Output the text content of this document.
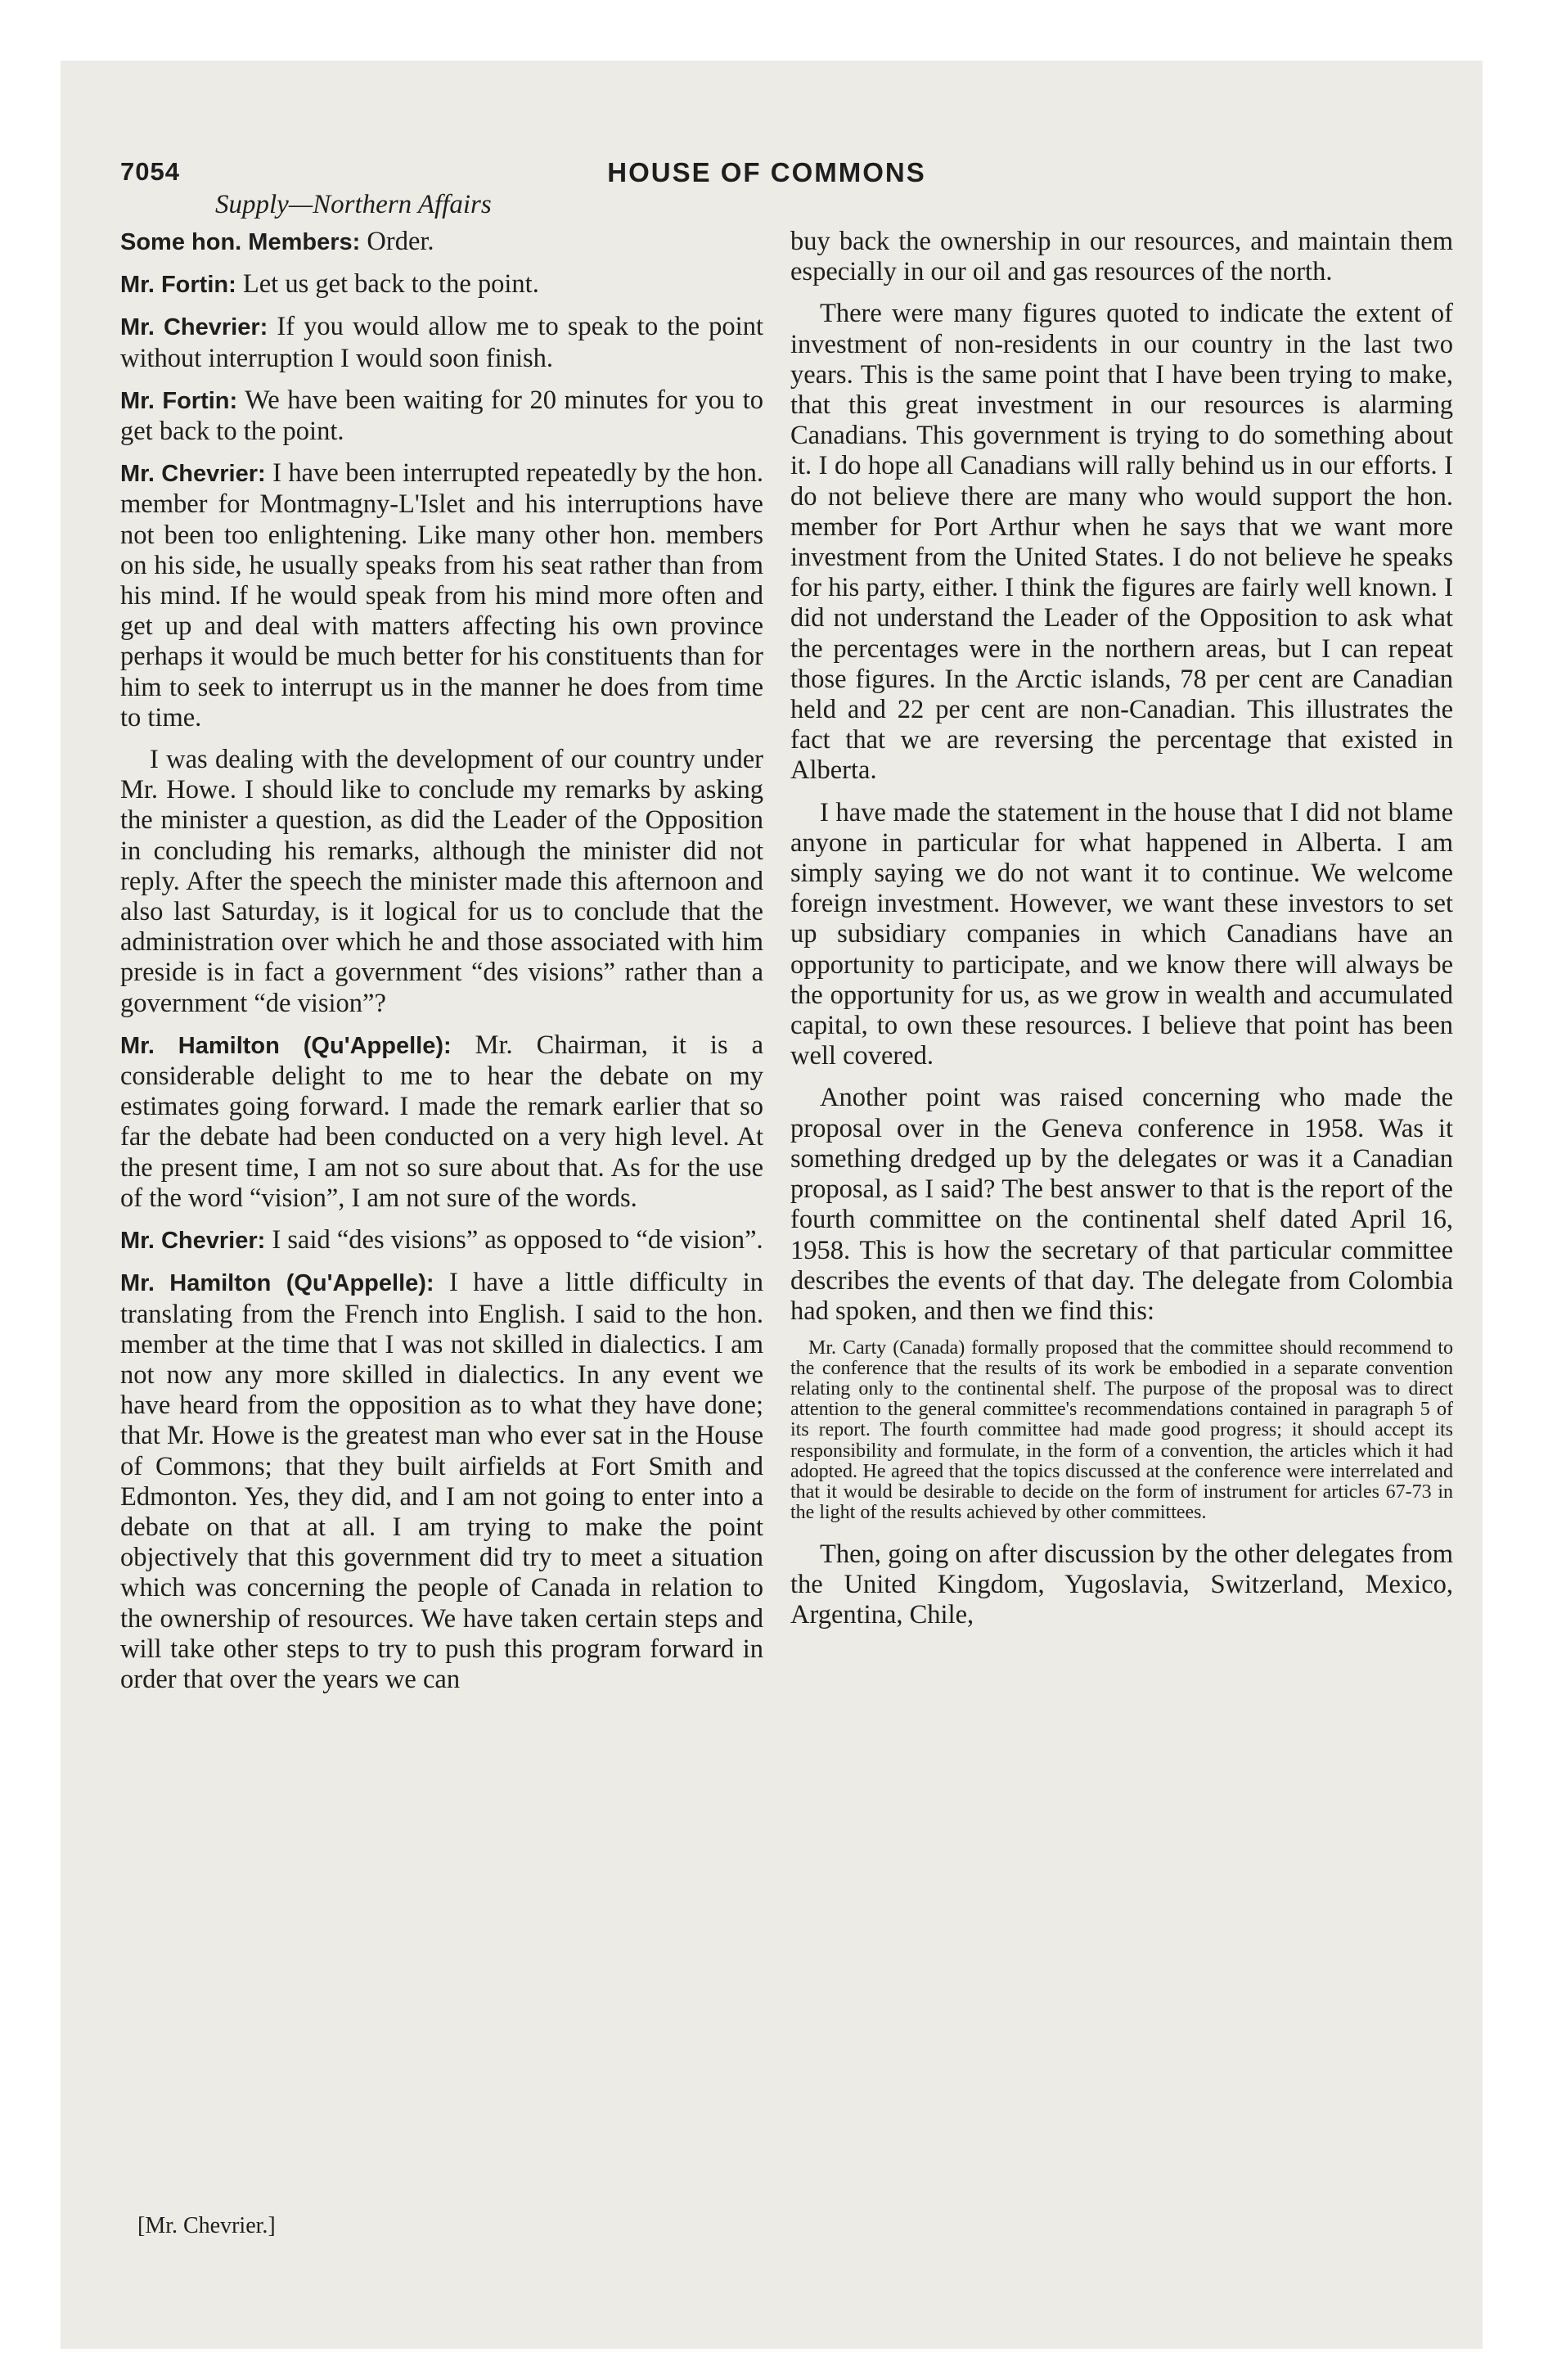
7054	HOUSE OF COMMONS
Supply—Northern Affairs

Some hon. Members: Order.

Mr. Fortin: Let us get back to the point.

Mr. Chevrier: If you would allow me to speak to the point without interruption I would soon finish.

Mr. Fortin: We have been waiting for 20 minutes for you to get back to the point.

Mr. Chevrier: I have been interrupted repeatedly by the hon. member for Montmagny-L'Islet and his interruptions have not been too enlightening. Like many other hon. members on his side, he usually speaks from his seat rather than from his mind. If he would speak from his mind more often and get up and deal with matters affecting his own province perhaps it would be much better for his constituents than for him to seek to interrupt us in the manner he does from time to time.

I was dealing with the development of our country under Mr. Howe. I should like to conclude my remarks by asking the minister a question, as did the Leader of the Opposition in concluding his remarks, although the minister did not reply. After the speech the minister made this afternoon and also last Saturday, is it logical for us to conclude that the administration over which he and those associated with him preside is in fact a government “des visions” rather than a government “de vision”?

Mr. Hamilton (Qu'Appelle): Mr. Chairman, it is a considerable delight to me to hear the debate on my estimates going forward. I made the remark earlier that so far the debate had been conducted on a very high level. At the present time, I am not so sure about that. As for the use of the word “vision”, I am not sure of the words.

Mr. Chevrier: I said “des visions” as opposed to “de vision”.

Mr. Hamilton (Qu'Appelle): I have a little difficulty in translating from the French into English. I said to the hon. member at the time that I was not skilled in dialectics. I am not now any more skilled in dialectics. In any event we have heard from the opposition as to what they have done; that Mr. Howe is the greatest man who ever sat in the House of Commons; that they built airfields at Fort Smith and Edmonton. Yes, they did, and I am not going to enter into a debate on that at all. I am trying to make the point objectively that this government did try to meet a situation which was concerning the people of Canada in relation to the ownership of resources. We have taken certain steps and will take other steps to try to push this program forward in order that over the years we can

buy back the ownership in our resources, and maintain them especially in our oil and gas resources of the north.

There were many figures quoted to indicate the extent of investment of non-residents in our country in the last two years. This is the same point that I have been trying to make, that this great investment in our resources is alarming Canadians. This government is trying to do something about it. I do hope all Canadians will rally behind us in our efforts. I do not believe there are many who would support the hon. member for Port Arthur when he says that we want more investment from the United States. I do not believe he speaks for his party, either. I think the figures are fairly well known. I did not understand the Leader of the Opposition to ask what the percentages were in the northern areas, but I can repeat those figures. In the Arctic islands, 78 per cent are Canadian held and 22 per cent are non-Canadian. This illustrates the fact that we are reversing the percentage that existed in Alberta.

I have made the statement in the house that I did not blame anyone in particular for what happened in Alberta. I am simply saying we do not want it to continue. We welcome foreign investment. However, we want these investors to set up subsidiary companies in which Canadians have an opportunity to participate, and we know there will always be the opportunity for us, as we grow in wealth and accumulated capital, to own these resources. I believe that point has been well covered.

Another point was raised concerning who made the proposal over in the Geneva conference in 1958. Was it something dredged up by the delegates or was it a Canadian proposal, as I said? The best answer to that is the report of the fourth committee on the continental shelf dated April 16, 1958. This is how the secretary of that particular committee describes the events of that day. The delegate from Colombia had spoken, and then we find this:

Mr. Carty (Canada) formally proposed that the committee should recommend to the conference that the results of its work be embodied in a separate convention relating only to the continental shelf. The purpose of the proposal was to direct attention to the general committee's recommendations contained in paragraph 5 of its report. The fourth committee had made good progress; it should accept its responsibility and formulate, in the form of a convention, the articles which it had adopted. He agreed that the topics discussed at the conference were interrelated and that it would be desirable to decide on the form of instrument for articles 67-73 in the light of the results achieved by other committees.

Then, going on after discussion by the other delegates from the United Kingdom, Yugoslavia, Switzerland, Mexico, Argentina, Chile,

[Mr. Chevrier.]
